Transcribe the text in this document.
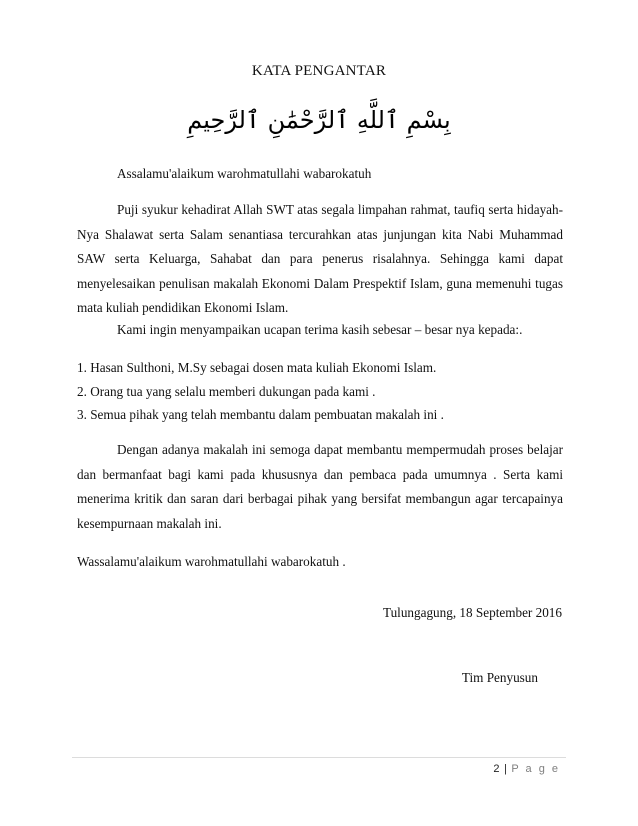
KATA PENGANTAR
بِسْمِ ٱللَّهِ ٱلرَّحْمَٰنِ ٱلرَّحِيمِ
Assalamu'alaikum warohmatullahi wabarokatuh
Puji syukur kehadirat Allah SWT atas segala limpahan rahmat, taufiq serta hidayah-Nya Shalawat serta Salam senantiasa tercurahkan atas junjungan kita Nabi Muhammad SAW serta Keluarga, Sahabat dan para penerus risalahnya. Sehingga kami dapat menyelesaikan penulisan makalah Ekonomi Dalam Prespektif Islam, guna memenuhi tugas mata kuliah pendidikan Ekonomi Islam.
Kami ingin menyampaikan ucapan terima kasih sebesar – besar nya kepada:.
1. Hasan Sulthoni, M.Sy sebagai dosen mata kuliah Ekonomi Islam.
2. Orang tua yang selalu memberi dukungan pada kami .
3. Semua pihak yang telah membantu dalam pembuatan makalah ini .
Dengan adanya makalah ini semoga dapat membantu mempermudah proses belajar dan bermanfaat bagi kami pada khususnya dan pembaca pada umumnya . Serta kami menerima kritik dan saran dari berbagai pihak yang bersifat membangun agar tercapainya kesempurnaan makalah ini.
Wassalamu'alaikum warohmatullahi wabarokatuh .
Tulungagung, 18 September 2016
Tim Penyusun
2 | P a g e
